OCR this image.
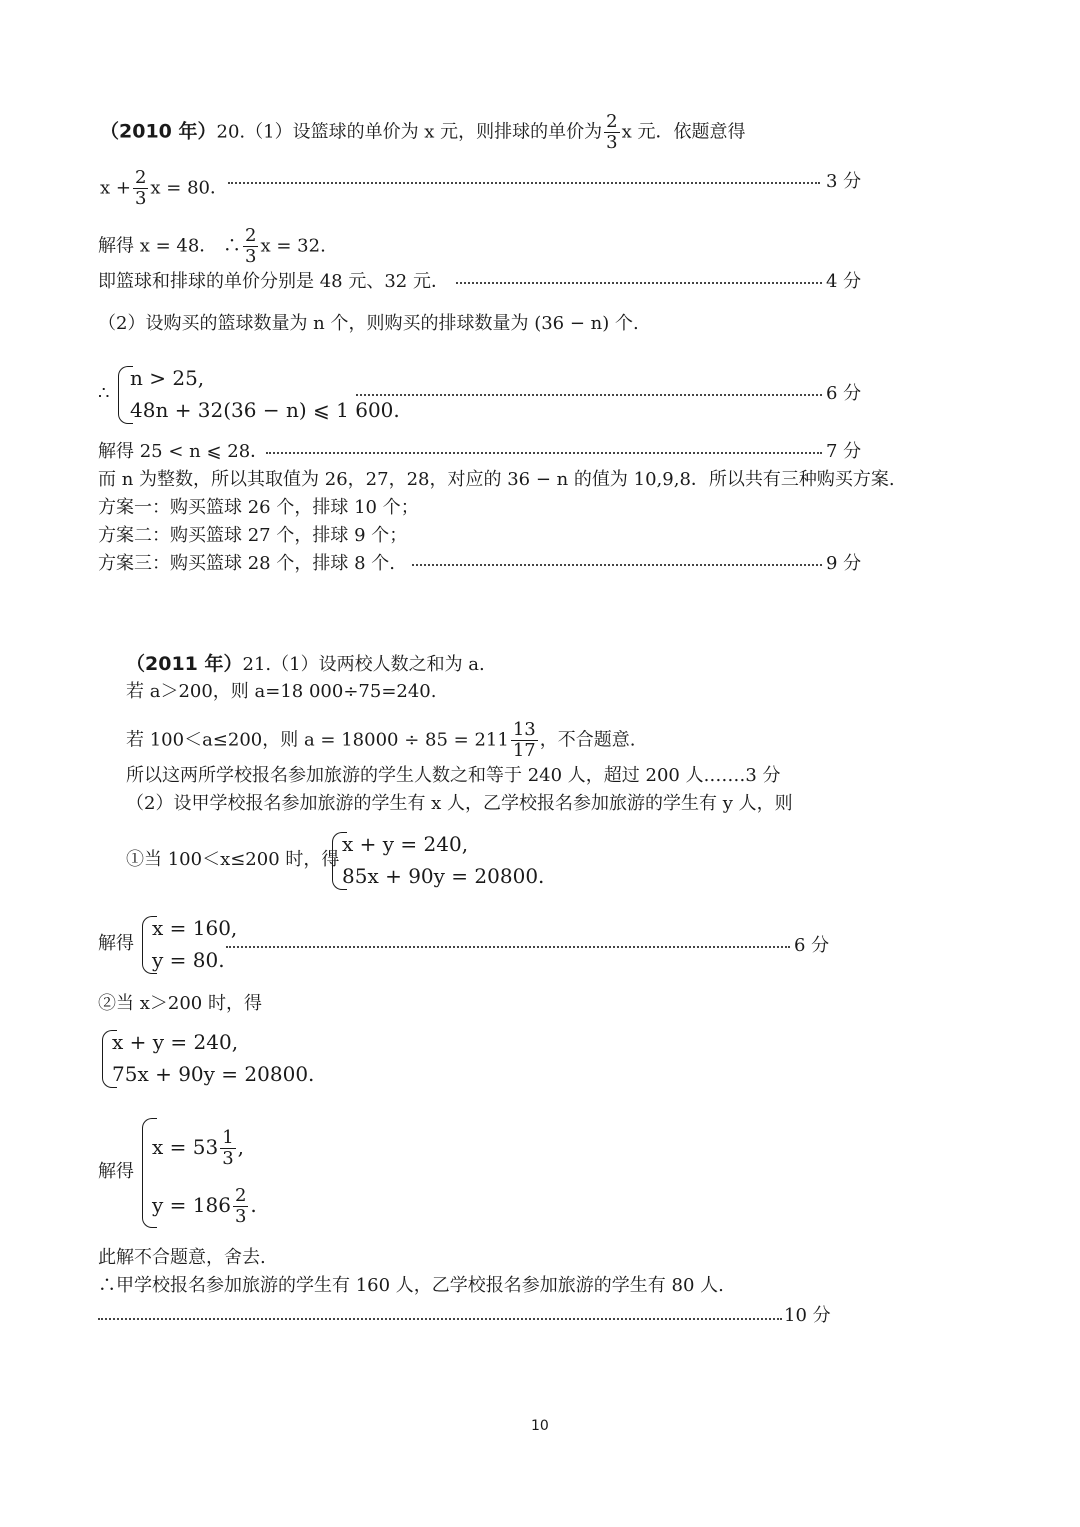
（2010 年）20.（1）设篮球的单价为 x 元，则排球的单价为 $\frac{2}{3}$ x 元．依题意得
$x + \frac{2}{3}$ x = 80．	3 分
解得 x = 48． ∴ $\frac{2}{3}$ x = 32.
即篮球和排球的单价分别是 48 元、32 元．	4 分
（2）设购买的篮球数量为 n 个，则购买的排球数量为 (36 − n) 个.
∴
n > 25,
48n + 32(36 − n) ⩽ 1 600.
6 分
解得 25 < n ⩽ 28．	7 分
而 n 为整数，所以其取值为 26，27，28，对应的 36 − n 的值为 10,9,8．所以共有三种购买方案.
方案一：购买篮球 26 个，排球 10 个；
方案二：购买篮球 27 个，排球 9 个；
方案三：购买篮球 28 个，排球 8 个.	9 分
（2011 年）21.（1）设两校人数之和为 a.
若 a＞200，则 a=18 000÷75=240.
若 100＜a≤200，则 $a = 18000 \div 85 = 211 \frac{13}{17}$ ，不合题意.
所以这两所学校报名参加旅游的学生人数之和等于 240 人，超过 200 人.……3 分
（2）设甲学校报名参加旅游的学生有 x 人，乙学校报名参加旅游的学生有 y 人，则
①当 100＜x≤200 时，得
x + y = 240,
85x + 90y = 20800.
解得
x = 160,
y = 80.
6 分
②当 x＞200 时，得
x + y = 240,
75x + 90y = 20800.
解得
$x = 53 \frac{1}{3}$ ,
$y = 186 \frac{2}{3}$ .
此解不合题意，舍去.
∴甲学校报名参加旅游的学生有 160 人，乙学校报名参加旅游的学生有 80 人.
10 分
10
